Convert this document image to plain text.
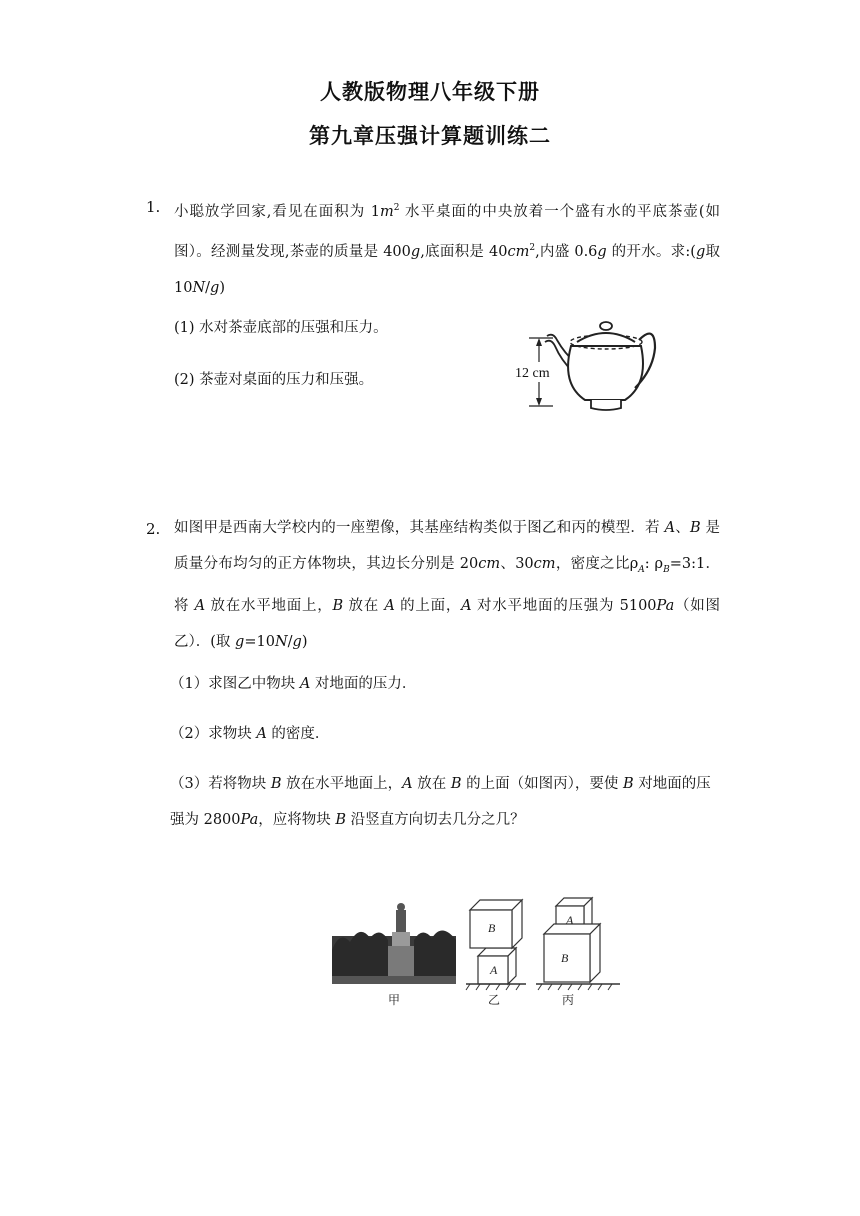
人教版物理八年级下册
第九章压强计算题训练二
1. 小聪放学回家,看见在面积为 $1m^2$ 水平桌面的中央放着一个盛有水的平底茶壶(如图）。经测量发现,茶壶的质量是 400g,底面积是 $40cm^2$,内盛 0.6g 的开水。求:(g取 10N/g)
(1) 水对茶壶底部的压强和压力。
(2) 茶壶对桌面的压力和压强。	12 cm
2. 如图甲是西南大学校内的一座塑像，其基座结构类似于图乙和丙的模型．若 A、B 是质量分布均匀的正方体物块，其边长分别是 20cm、30cm，密度之比$\rho_A$: $\rho_B=3:1$．将 A 放在水平地面上，B 放在 A 的上面，A 对水平地面的压强为 5100Pa（如图乙）．(取 g=10N/g)
（1）求图乙中物块 A 对地面的压力．
（2）求物块 A 的密度．
（3）若将物块 B 放在水平地面上，A 放在 B 的上面（如图丙），要使 B 对地面的压强为 2800Pa，应将物块 B 沿竖直方向切去几分之几？
B
A
A
B
甲	乙	丙
